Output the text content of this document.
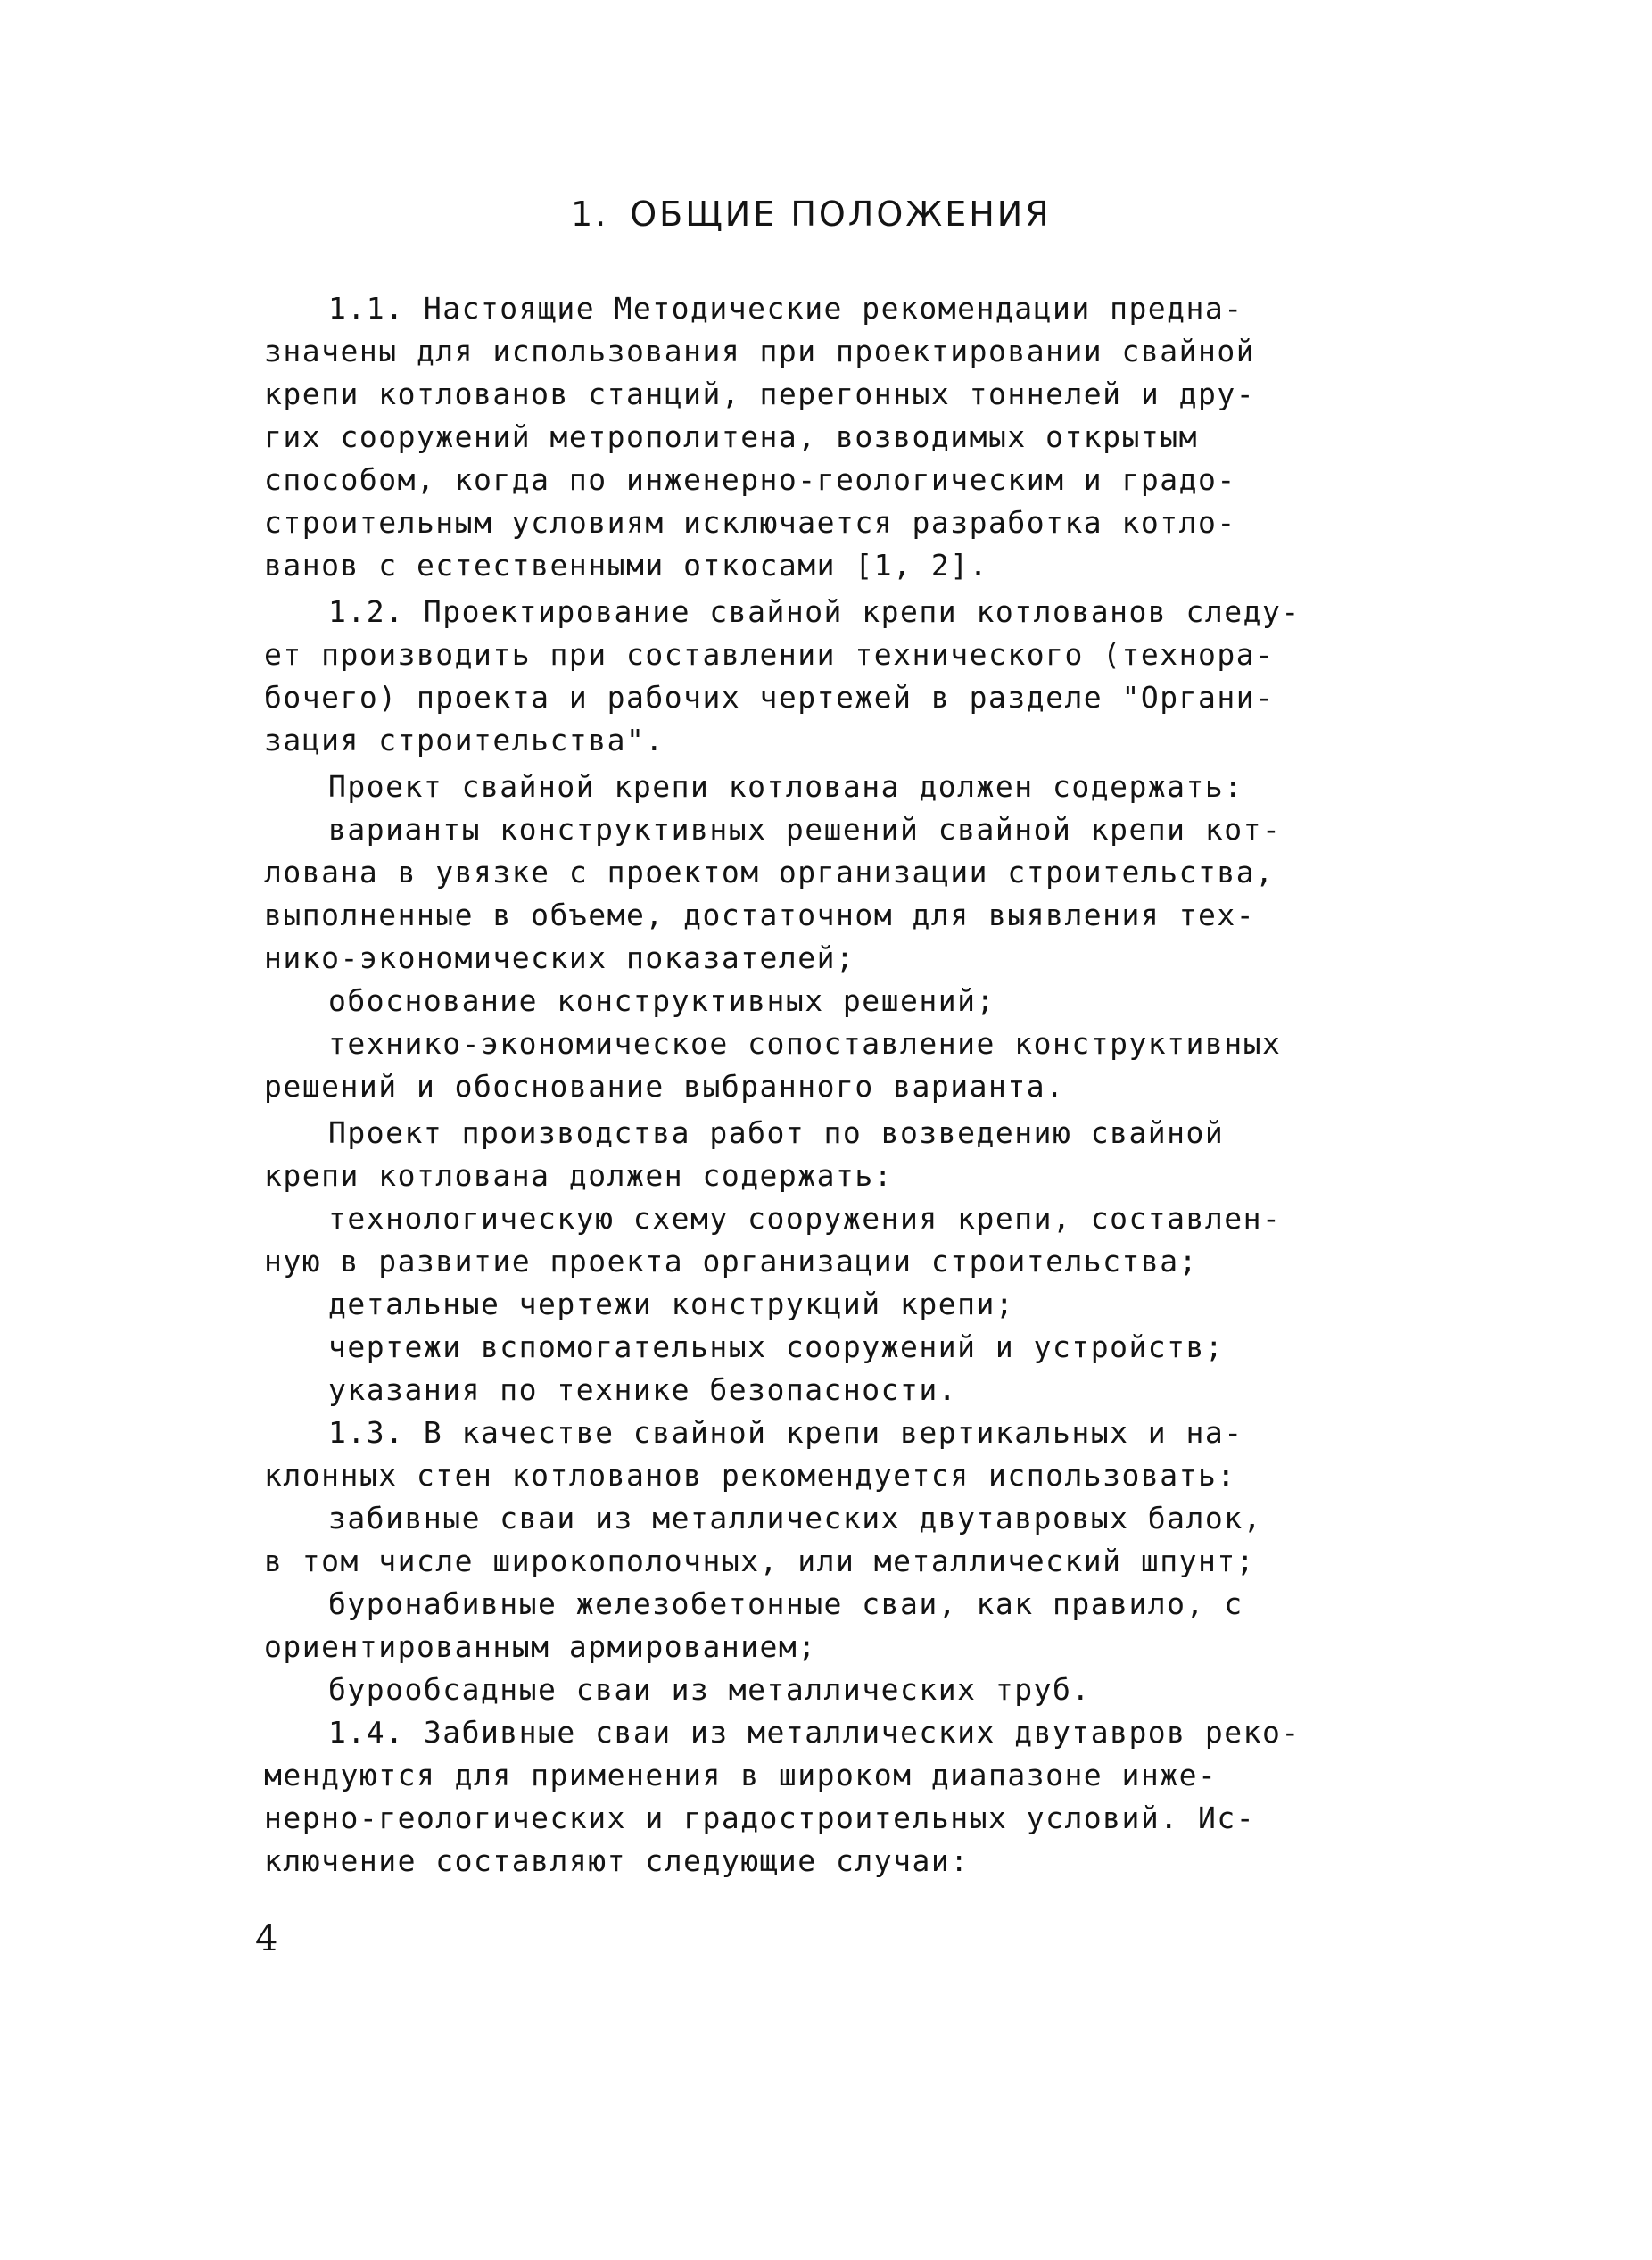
1. ОБЩИЕ ПОЛОЖЕНИЯ
1.1. Настоящие Методические рекомендации предна-
значены для использования при проектировании свайной
крепи котлованов станций, перегонных тоннелей и дру-
гих сооружений метрополитена, возводимых открытым
способом, когда по инженерно-геологическим и градо-
строительным условиям исключается разработка котло-
ванов с естественными откосами [1, 2].
1.2. Проектирование свайной крепи котлованов следу-
ет производить при составлении технического (технора-
бочего) проекта и рабочих чертежей в разделе "Органи-
зация строительства".
Проект свайной крепи котлована должен содержать:
варианты конструктивных решений свайной крепи кот-
лована в увязке с проектом организации строительства,
выполненные в объеме, достаточном для выявления тех-
нико-экономических показателей;
обоснование конструктивных решений;
технико-экономическое сопоставление конструктивных
решений и обоснование выбранного варианта.
Проект производства работ по возведению свайной
крепи котлована должен содержать:
технологическую схему сооружения крепи, составлен-
ную в развитие проекта организации строительства;
детальные чертежи конструкций крепи;
чертежи вспомогательных сооружений и устройств;
указания по технике безопасности.
1.3. В качестве свайной крепи вертикальных и на-
клонных стен котлованов рекомендуется использовать:
забивные сваи из металлических двутавровых балок,
в том числе широкополочных, или металлический шпунт;
буронабивные железобетонные сваи, как правило, с
ориентированным армированием;
бурообсадные сваи из металлических труб.
1.4. Забивные сваи из металлических двутавров реко-
мендуются для применения в широком диапазоне инже-
нерно-геологических и градостроительных условий. Ис-
ключение составляют следующие случаи:
4
